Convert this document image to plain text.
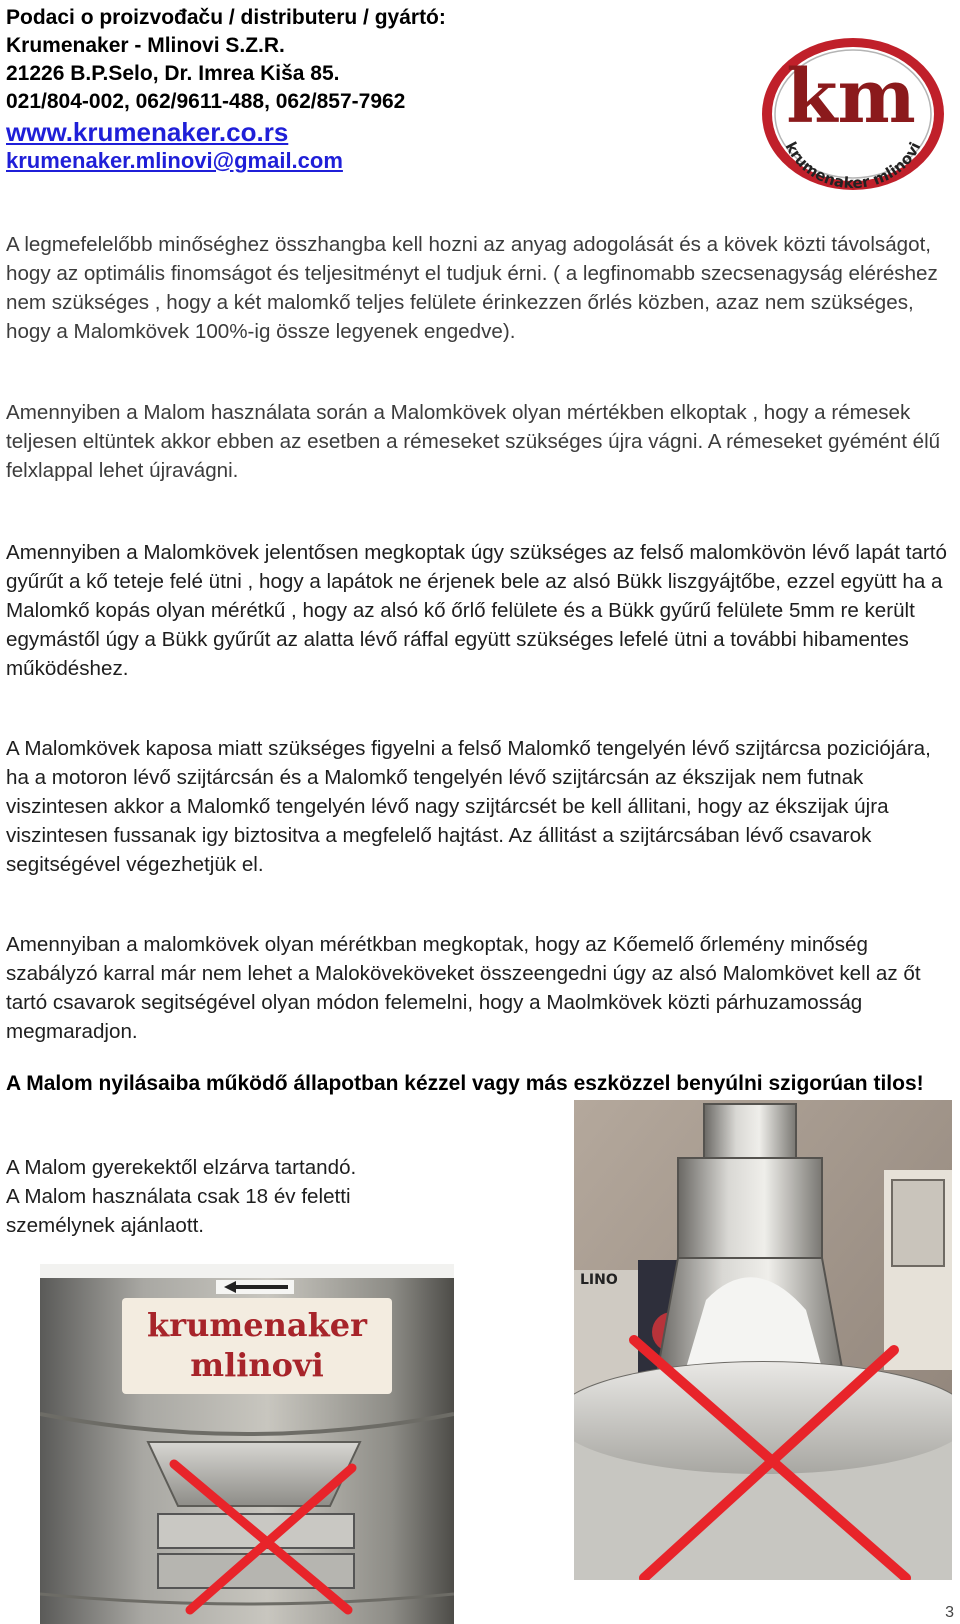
Podaci o proizvođaču / distributeru / gyártó:
Krumenaker - Mlinovi S.Z.R.
21226 B.P.Selo, Dr. Imrea Kiša 85.
021/804-002, 062/9611-488, 062/857-7962
www.krumenaker.co.rs
krumenaker.mlinovi@gmail.com
km
krumenaker mlinovi

A legmefelelőbb minőséghez összhangba kell hozni az anyag adogolását és a kövek közti távolságot, hogy az optimális finomságot és teljesitményt el tudjuk érni. ( a legfinomabb szecsenagyság eléréshez nem szükséges , hogy a két malomkő teljes felülete érinkezzen őrlés közben, azaz nem szükséges, hogy a Malomkövek 100%-ig össze legyenek engedve).

Amennyiben a Malom használata során a Malomkövek olyan mértékben elkoptak , hogy a rémesek teljesen eltüntek akkor ebben az esetben a rémeseket szükséges újra vágni. A rémeseket gyémént élű felxlappal lehet újravágni.

Amennyiben a Malomkövek jelentősen megkoptak úgy szükséges az felső malomkövön lévő lapát tartó gyűrűt a kő teteje felé ütni , hogy a lapátok ne érjenek bele az alsó Bükk liszgyájtőbe, ezzel együtt ha a Malomkő kopás olyan mérétkű , hogy az alsó kő őrlő felülete és a Bükk gyűrű felülete 5mm re került egymástől úgy a Bükk gyűrűt az alatta lévő ráffal együtt szükséges lefelé ütni a további hibamentes működéshez.

A Malomkövek kaposa miatt szükséges figyelni a felső Malomkő tengelyén lévő szijtárcsa poziciójára, ha a motoron lévő szijtárcsán és a Malomkő tengelyén lévő szijtárcsán az ékszijak nem futnak viszintesen akkor a Malomkő tengelyén lévő nagy szijtárcsét be kell állitani, hogy az ékszijak újra viszintesen fussanak igy biztositva a megfelelő hajtást. Az állitást a szijtárcsában lévő csavarok segitségével végezhetjük el.

Amennyiban a malomkövek olyan mérétkban megkoptak, hogy az Kőemelő őrlemény minőség szabályzó karral már nem lehet a Maloköveköveket összeengedni úgy az alsó Malomkövet kell az őt tartó csavarok segitségével olyan módon felemelni, hogy a Maolmkövek közti párhuzamosság megmaradjon.

A Malom nyilásaiba működő állapotban kézzel vagy más eszközzel benyúlni szigorúan tilos!

A Malom gyerekektől elzárva tartandó.

A Malom használata csak 18 év feletti személynek ajánlaott.

krumenaker
mlinovi
LINO
3
